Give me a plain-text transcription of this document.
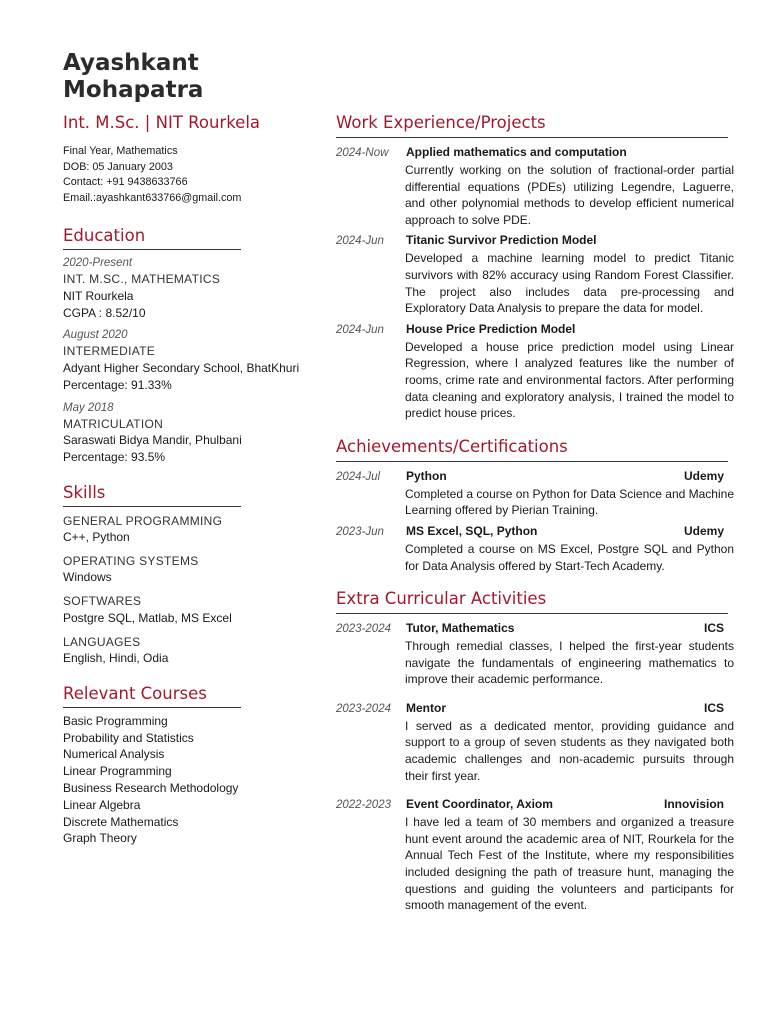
Ayashkant
Mohapatra
Int. M.Sc. | NIT Rourkela
Final Year, Mathematics
DOB: 05 January 2003
Contact: +91 9438633766
Email.:ayashkant633766@gmail.com
Education
2020-Present
INT. M.SC., MATHEMATICS
NIT Rourkela
CGPA : 8.52/10
August 2020
INTERMEDIATE
Adyant Higher Secondary School, BhatKhuri
Percentage: 91.33%
May 2018
MATRICULATION
Saraswati Bidya Mandir, Phulbani
Percentage: 93.5%
Skills
GENERAL PROGRAMMING
C++, Python
OPERATING SYSTEMS
Windows
SOFTWARES
Postgre SQL, Matlab, MS Excel
LANGUAGES
English, Hindi, Odia
Relevant Courses
Basic Programming
Probability and Statistics
Numerical Analysis
Linear Programming
Business Research Methodology
Linear Algebra
Discrete Mathematics
Graph Theory
Work Experience/Projects
2024-Now	Applied mathematics and computation
Currently working on the solution of fractional-order partial differential equations (PDEs) utilizing Legendre, Laguerre, and other polynomial methods to develop efficient numerical approach to solve PDE.
2024-Jun	Titanic Survivor Prediction Model
Developed a machine learning model to predict Titanic survivors with 82% accuracy using Random Forest Classifier. The project also includes data pre-processing and Exploratory Data Analysis to prepare the data for model.
2024-Jun	House Price Prediction Model
Developed a house price prediction model using Linear Regression, where I analyzed features like the number of rooms, crime rate and environmental factors. After performing data cleaning and exploratory analysis, I trained the model to predict house prices.
Achievements/Certifications
2024-Jul	Python	Udemy
Completed a course on Python for Data Science and Machine Learning offered by Pierian Training.
2023-Jun	MS Excel, SQL, Python	Udemy
Completed a course on MS Excel, Postgre SQL and Python for Data Analysis offered by Start-Tech Academy.
Extra Curricular Activities
2023-2024	Tutor, Mathematics	ICS
Through remedial classes, I helped the first-year students navigate the fundamentals of engineering mathematics to improve their academic performance.
2023-2024	Mentor	ICS
I served as a dedicated mentor, providing guidance and support to a group of seven students as they navigated both academic challenges and non-academic pursuits through their first year.
2022-2023	Event Coordinator, Axiom	Innovision
I have led a team of 30 members and organized a treasure hunt event around the academic area of NIT, Rourkela for the Annual Tech Fest of the Institute, where my responsibilities included designing the path of treasure hunt, managing the questions and guiding the volunteers and participants for smooth management of the event.
